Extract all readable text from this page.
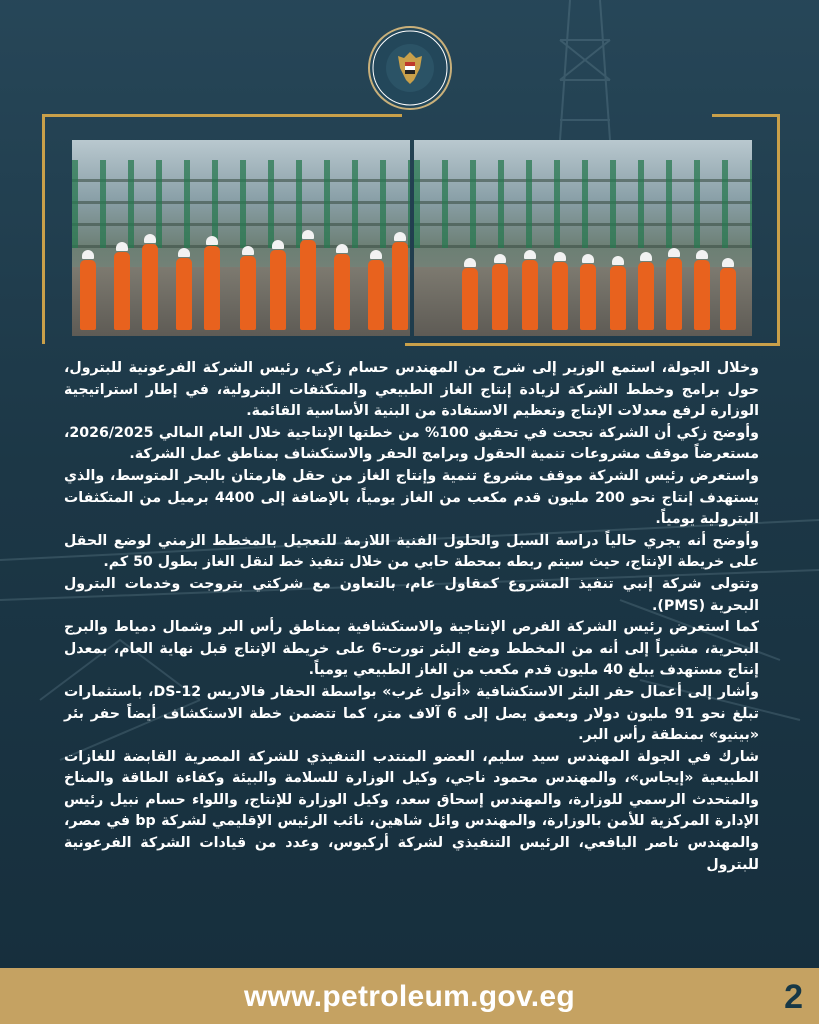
وخلال الجولة، استمع الوزير إلى شرح من المهندس حسام زكي، رئيس الشركة الفرعونية للبترول، حول برامج وخطط الشركة لزيادة إنتاج الغاز الطبيعي والمتكثفات البترولية، في إطار استراتيجية الوزارة لرفع معدلات الإنتاج وتعظيم الاستفادة من البنية الأساسية القائمة.

وأوضح زكي أن الشركة نجحت في تحقيق 100% من خطتها الإنتاجية خلال العام المالي 2026/2025، مستعرضاً موقف مشروعات تنمية الحقول وبرامج الحفر والاستكشاف بمناطق عمل الشركة.

واستعرض رئيس الشركة موقف مشروع تنمية وإنتاج الغاز من حقل هارمتان بالبحر المتوسط، والذي يستهدف إنتاج نحو 200 مليون قدم مكعب من الغاز يومياً، بالإضافة إلى 4400 برميل من المتكثفات البترولية يومياً.

وأوضح أنه يجري حالياً دراسة السبل والحلول الفنية اللازمة للتعجيل بالمخطط الزمني لوضع الحقل على خريطة الإنتاج، حيث سيتم ربطه بمحطة حابي من خلال تنفيذ خط لنقل الغاز بطول 50 كم.

وتتولى شركة إنبي تنفيذ المشروع كمقاول عام، بالتعاون مع شركتي بتروجت وخدمات البترول البحرية (PMS).

كما استعرض رئيس الشركة الفرص الإنتاجية والاستكشافية بمناطق رأس البر وشمال دمياط والبرج البحرية، مشيراً إلى أنه من المخطط وضع البئر تورت-6 على خريطة الإنتاج قبل نهاية العام، بمعدل إنتاج مستهدف يبلغ 40 مليون قدم مكعب من الغاز الطبيعي يومياً.

وأشار إلى أعمال حفر البئر الاستكشافية «أتول غرب» بواسطة الحفار فالاريس DS-12، باستثمارات تبلغ نحو 91 مليون دولار وبعمق يصل إلى 6 آلاف متر، كما تتضمن خطة الاستكشاف أيضاً حفر بئر «بينيو» بمنطقة رأس البر.

شارك في الجولة المهندس سيد سليم، العضو المنتدب التنفيذي للشركة المصرية القابضة للغازات الطبيعية «إيجاس»، والمهندس محمود ناجي، وكيل الوزارة للسلامة والبيئة وكفاءة الطاقة والمناخ والمتحدث الرسمي للوزارة، والمهندس إسحاق سعد، وكيل الوزارة للإنتاج، واللواء حسام نبيل رئيس الإدارة المركزية للأمن بالوزارة، والمهندس وائل شاهين، نائب الرئيس الإقليمي لشركة bp في مصر، والمهندس ناصر اليافعي، الرئيس التنفيذي لشركة أركيوس، وعدد من قيادات الشركة الفرعونية للبترول

www.petroleum.gov.eg	2
